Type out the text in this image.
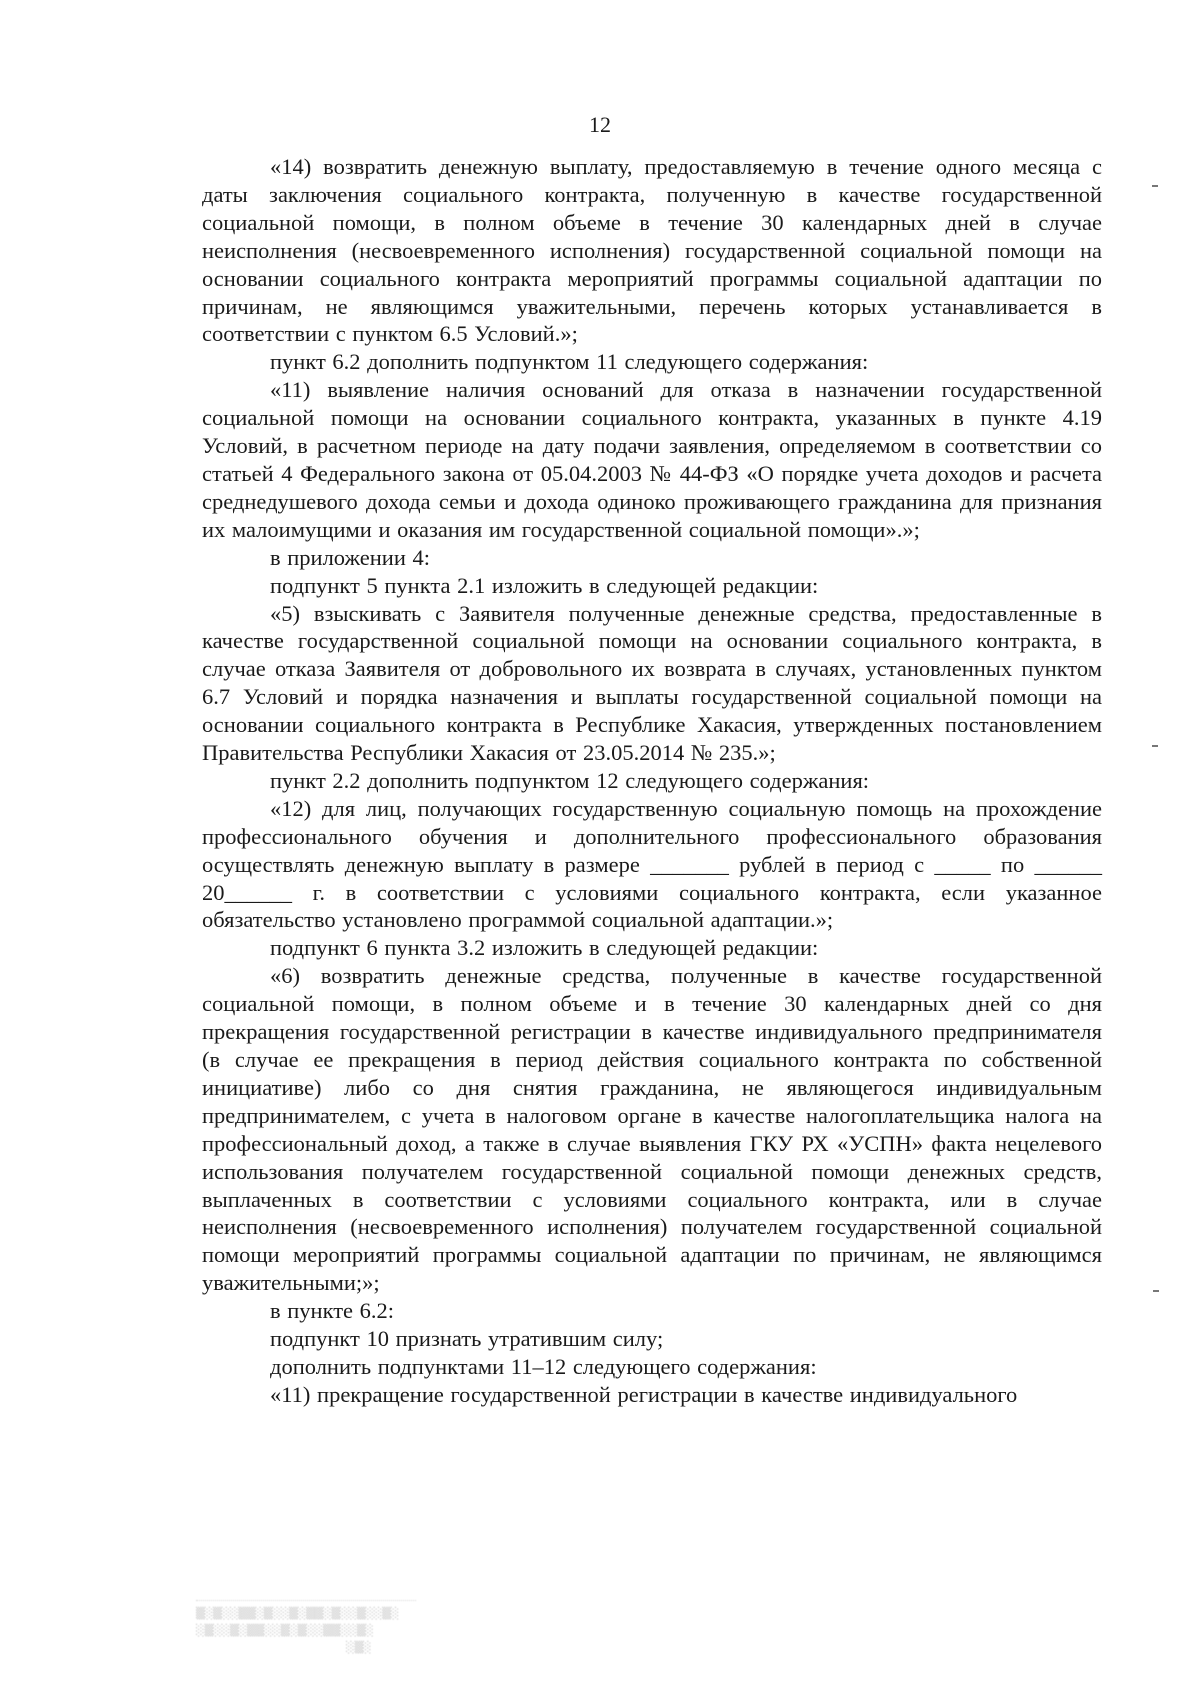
12

«14) возвратить денежную выплату, предоставляемую в течение одного месяца с даты заключения социального контракта, полученную в качестве государственной социальной помощи, в полном объеме в течение 30 календарных дней в случае неисполнения (несвоевременного исполнения) государственной социальной помощи на основании социального контракта мероприятий программы социальной адаптации по причинам, не являющимся уважительными, перечень которых устанавливается в соответствии с пунктом 6.5 Условий.»;

пункт 6.2 дополнить подпунктом 11 следующего содержания:

«11) выявление наличия оснований для отказа в назначении государственной социальной помощи на основании социального контракта, указанных в пункте 4.19 Условий, в расчетном периоде на дату подачи заявления, определяемом в соответствии со статьей 4 Федерального закона от 05.04.2003 № 44-ФЗ «О порядке учета доходов и расчета среднедушевого дохода семьи и дохода одиноко проживающего гражданина для признания их малоимущими и оказания им государственной социальной помощи».»;

в приложении 4:

подпункт 5 пункта 2.1 изложить в следующей редакции:

«5) взыскивать с Заявителя полученные денежные средства, предоставленные в качестве государственной социальной помощи на основании социального контракта, в случае отказа Заявителя от добровольного их возврата в случаях, установленных пунктом 6.7 Условий и порядка назначения и выплаты государственной социальной помощи на основании социального контракта в Республике Хакасия, утвержденных постановлением Правительства Республики Хакасия от 23.05.2014 № 235.»;

пункт 2.2 дополнить подпунктом 12 следующего содержания:

«12) для лиц, получающих государственную социальную помощь на прохождение профессионального обучения и дополнительного профессионального образования осуществлять денежную выплату в размере _______ рублей в период с _____ по ______ 20______ г. в соответствии с условиями социального контракта, если указанное обязательство установлено программой социальной адаптации.»;

подпункт 6 пункта 3.2 изложить в следующей редакции:

«6) возвратить денежные средства, полученные в качестве государственной социальной помощи, в полном объеме и в течение 30 календарных дней со дня прекращения государственной регистрации в качестве индивидуального предпринимателя (в случае ее прекращения в период действия социального контракта по собственной инициативе) либо со дня снятия гражданина, не являющегося индивидуальным предпринимателем, с учета в налоговом органе в качестве налогоплательщика налога на профессиональный доход, а также в случае выявления ГКУ РХ «УСПН» факта нецелевого использования получателем государственной социальной помощи денежных средств, выплаченных в соответствии с условиями социального контракта, или в случае неисполнения (несвоевременного исполнения) получателем государственной социальной помощи мероприятий программы социальной адаптации по причинам, не являющимся уважительными;»;

в пункте 6.2:

подпункт 10 признать утратившим силу;

дополнить подпунктами 11–12 следующего содержания:

«11) прекращение государственной регистрации в качестве индивидуального

▒░▒░░▒▒░▒░░▒░▒▒░▒░░▒░░▒░
░▒░░▒░▒▒░░▒░▒░░▒▒░░▒░
░▒░
